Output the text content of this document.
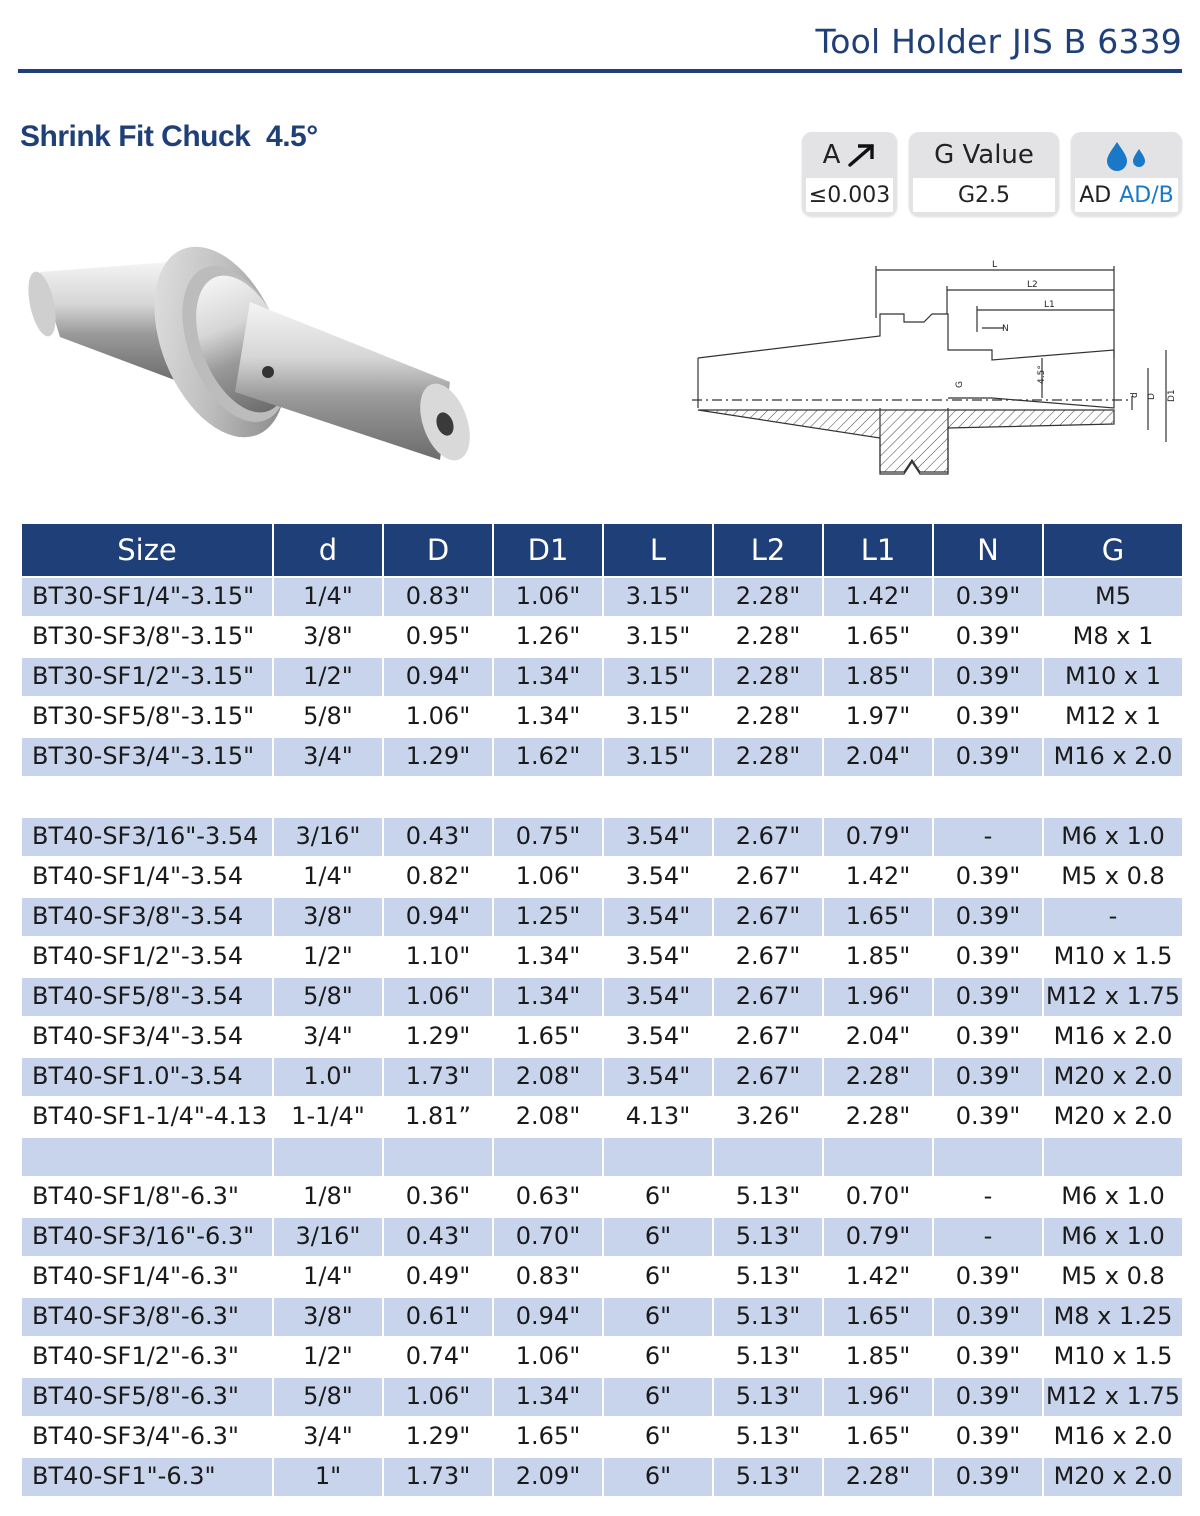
Tool Holder JIS B 6339
Shrink Fit Chuck  4.5°
A
≤0.003
G Value
G2.5	AD AD/B
L
L2
L1
N
4.5°
G
d D D1
Size	d	D	D1	L	L2	L1	N	G
BT30-SF1/4"-3.15"	1/4"	0.83"	1.06"	3.15"	2.28"	1.42"	0.39"	M5
BT30-SF3/8"-3.15"	3/8"	0.95"	1.26"	3.15"	2.28"	1.65"	0.39"	M8 x 1
BT30-SF1/2"-3.15"	1/2"	0.94"	1.34"	3.15"	2.28"	1.85"	0.39"	M10 x 1
BT30-SF5/8"-3.15"	5/8"	1.06"	1.34"	3.15"	2.28"	1.97"	0.39"	M12 x 1
BT30-SF3/4"-3.15"	3/4"	1.29"	1.62"	3.15"	2.28"	2.04"	0.39"	M16 x 2.0

BT40-SF3/16"-3.54	3/16"	0.43"	0.75"	3.54"	2.67"	0.79"	-	M6 x 1.0
BT40-SF1/4"-3.54	1/4"	0.82"	1.06"	3.54"	2.67"	1.42"	0.39"	M5 x 0.8
BT40-SF3/8"-3.54	3/8"	0.94"	1.25"	3.54"	2.67"	1.65"	0.39"	-
BT40-SF1/2"-3.54	1/2"	1.10"	1.34"	3.54"	2.67"	1.85"	0.39"	M10 x 1.5
BT40-SF5/8"-3.54	5/8"	1.06"	1.34"	3.54"	2.67"	1.96"	0.39"	M12 x 1.75
BT40-SF3/4"-3.54	3/4"	1.29"	1.65"	3.54"	2.67"	2.04"	0.39"	M16 x 2.0
BT40-SF1.0"-3.54	1.0"	1.73"	2.08"	3.54"	2.67"	2.28"	0.39"	M20 x 2.0
BT40-SF1-1/4"-4.13	1-1/4"	1.81”	2.08"	4.13"	3.26"	2.28"	0.39"	M20 x 2.0

BT40-SF1/8"-6.3"	1/8"	0.36"	0.63"	6"	5.13"	0.70"	-	M6 x 1.0
BT40-SF3/16"-6.3"	3/16"	0.43"	0.70"	6"	5.13"	0.79"	-	M6 x 1.0
BT40-SF1/4"-6.3"	1/4"	0.49"	0.83"	6"	5.13"	1.42"	0.39"	M5 x 0.8
BT40-SF3/8"-6.3"	3/8"	0.61"	0.94"	6"	5.13"	1.65"	0.39"	M8 x 1.25
BT40-SF1/2"-6.3"	1/2"	0.74"	1.06"	6"	5.13"	1.85"	0.39"	M10 x 1.5
BT40-SF5/8"-6.3"	5/8"	1.06"	1.34"	6"	5.13"	1.96"	0.39"	M12 x 1.75
BT40-SF3/4"-6.3"	3/4"	1.29"	1.65"	6"	5.13"	1.65"	0.39"	M16 x 2.0
BT40-SF1"-6.3"	1"	1.73"	2.09"	6"	5.13"	2.28"	0.39"	M20 x 2.0
